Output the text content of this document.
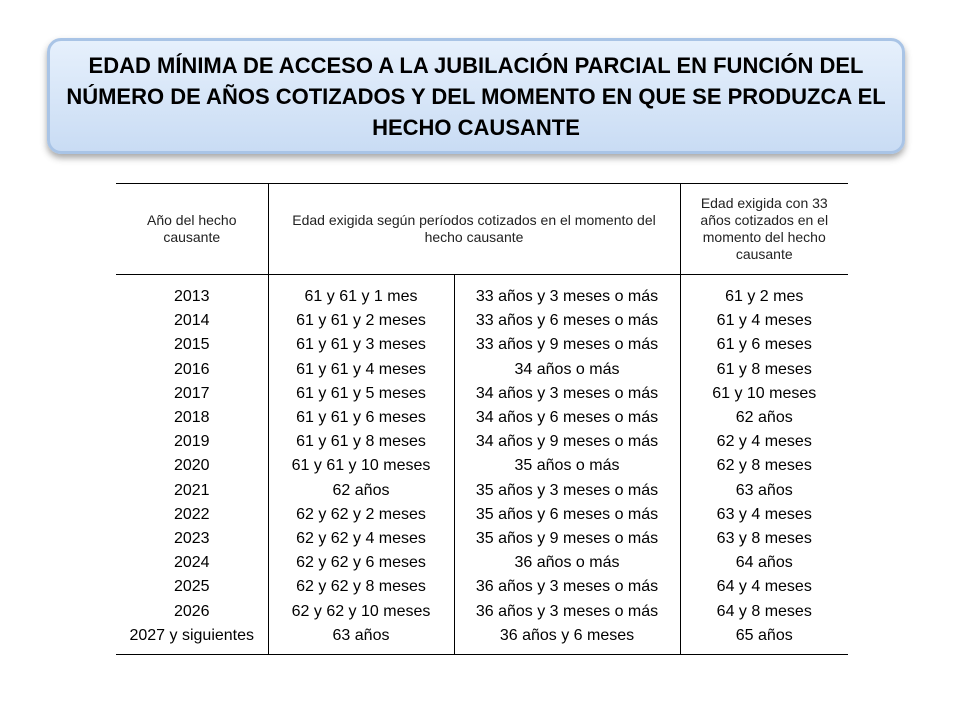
EDAD MÍNIMA DE ACCESO A LA JUBILACIÓN PARCIAL EN FUNCIÓN DEL NÚMERO DE AÑOS COTIZADOS Y DEL MOMENTO EN QUE SE PRODUZCA EL HECHO CAUSANTE

Año del hecho causante	Edad exigida según períodos cotizados en el momento del hecho causante		Edad exigida con 33 años cotizados en el momento del hecho causante
2013	61 y 61 y 1 mes	33 años y 3 meses o más	61 y 2 mes
2014	61 y 61 y 2 meses	33 años y 6 meses o más	61 y 4 meses
2015	61 y 61 y 3 meses	33 años y 9 meses o más	61 y 6 meses
2016	61 y 61 y 4 meses	34 años o más	61 y 8 meses
2017	61 y 61 y 5 meses	34 años y 3 meses o más	61 y 10 meses
2018	61 y 61 y 6 meses	34 años y 6 meses o más	62 años
2019	61 y 61 y 8 meses	34 años y 9 meses o más	62 y 4 meses
2020	61 y 61 y 10 meses	35 años o más	62 y 8 meses
2021	62 años	35 años y 3 meses o más	63 años
2022	62 y 62 y 2 meses	35 años y 6 meses o más	63 y 4 meses
2023	62 y 62 y 4 meses	35 años y 9 meses o más	63 y 8 meses
2024	62 y 62 y 6 meses	36 años o más	64 años
2025	62 y 62 y 8 meses	36 años y 3 meses o más	64 y 4 meses
2026	62 y 62 y 10 meses	36 años y 3 meses o más	64 y 8 meses
2027 y siguientes	63 años	36 años y 6 meses	65 años
